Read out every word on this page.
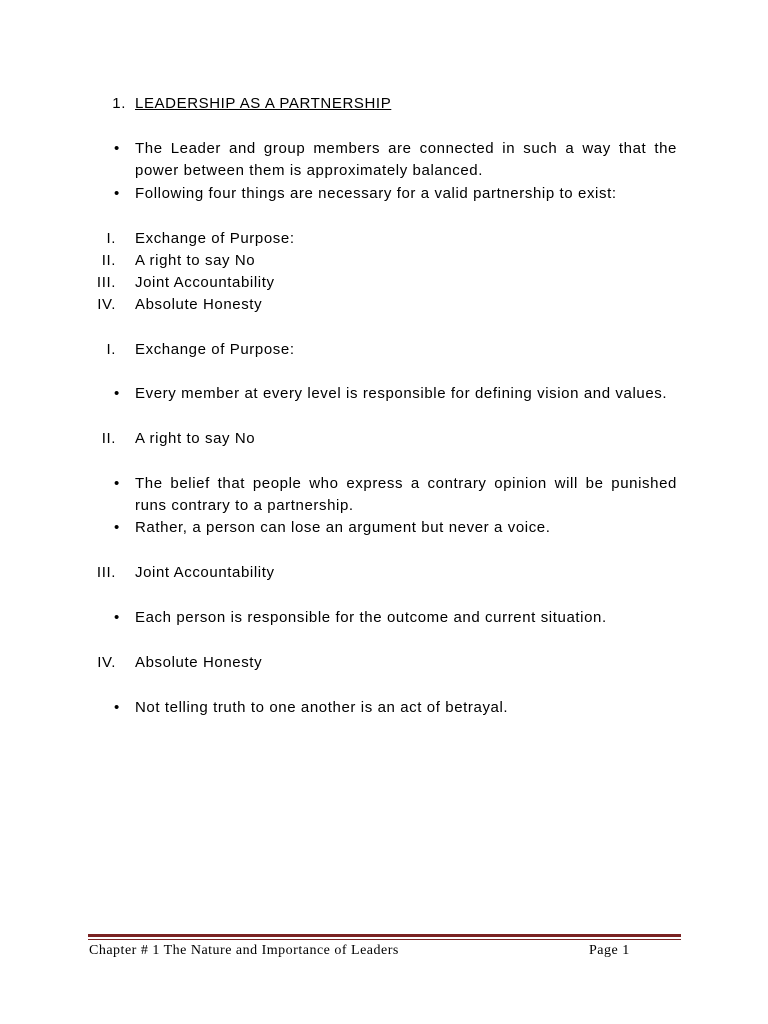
1. LEADERSHIP AS A PARTNERSHIP
• The Leader and group members are connected in such a way that the power between them is approximately balanced.
• Following four things are necessary for a valid partnership to exist:
I. Exchange of Purpose:
II. A right to say No
III. Joint Accountability
IV. Absolute Honesty
I. Exchange of Purpose:
• Every member at every level is responsible for defining vision and values.
II. A right to say No
• The belief that people who express a contrary opinion will be punished runs contrary to a partnership.
• Rather, a person can lose an argument but never a voice.
III. Joint Accountability
• Each person is responsible for the outcome and current situation.
IV. Absolute Honesty
• Not telling truth to one another is an act of betrayal.
Chapter # 1 The Nature and Importance of Leaders	Page 1
